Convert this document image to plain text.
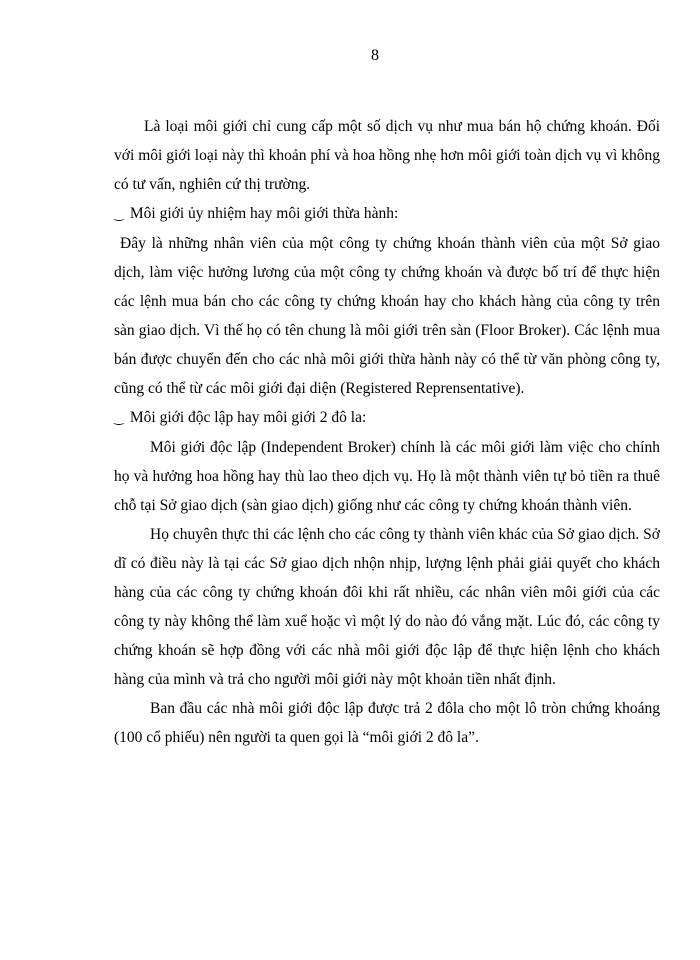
8

Là loại môi giới chỉ cung cấp một số dịch vụ như mua bán hộ chứng khoán. Đối với môi giới loại này thì khoản phí và hoa hồng nhẹ hơn môi giới toàn dịch vụ vì không có tư vấn, nghiên cứ thị trường.

‿ Môi giới ủy nhiệm hay môi giới thừa hành:

Đây là những nhân viên của một công ty chứng khoán thành viên của một Sở giao dịch, làm việc hưởng lương của một công ty chứng khoán và được bố trí để thực hiện các lệnh mua bán cho các công ty chứng khoán hay cho khách hàng của công ty trên sàn giao dịch. Vì thế họ có tên chung là môi giới trên sàn (Floor Broker). Các lệnh mua bán được chuyển đến cho các nhà môi giới thừa hành này có thể từ văn phòng công ty, cũng có thể từ các môi giới đại diện (Registered Reprensentative).

‿ Môi giới độc lập hay môi giới 2 đô la:

Môi giới độc lập (Independent Broker) chính là các môi giới làm việc cho chính họ và hưởng hoa hồng hay thù lao theo dịch vụ. Họ là một thành viên tự bỏ tiền ra thuê chỗ tại Sở giao dịch (sàn giao dịch) giống như các công ty chứng khoán thành viên.

Họ chuyên thực thi các lệnh cho các công ty thành viên khác của Sở giao dịch. Sở dĩ có điều này là tại các Sở giao dịch nhộn nhịp, lượng lệnh phải giải quyết cho khách hàng của các công ty chứng khoán đôi khi rất nhiều, các nhân viên môi giới của các công ty này không thể làm xuể hoặc vì một lý do nào đó vắng mặt. Lúc đó, các công ty chứng khoán sẽ hợp đồng với các nhà môi giới độc lập để thực hiện lệnh cho khách hàng của mình và trả cho người môi giới này một khoản tiền nhất định.

Ban đầu các nhà môi giới độc lập được trả 2 đôla cho một lô tròn chứng khoáng (100 cổ phiếu) nên người ta quen gọi là “môi giới 2 đô la”.
